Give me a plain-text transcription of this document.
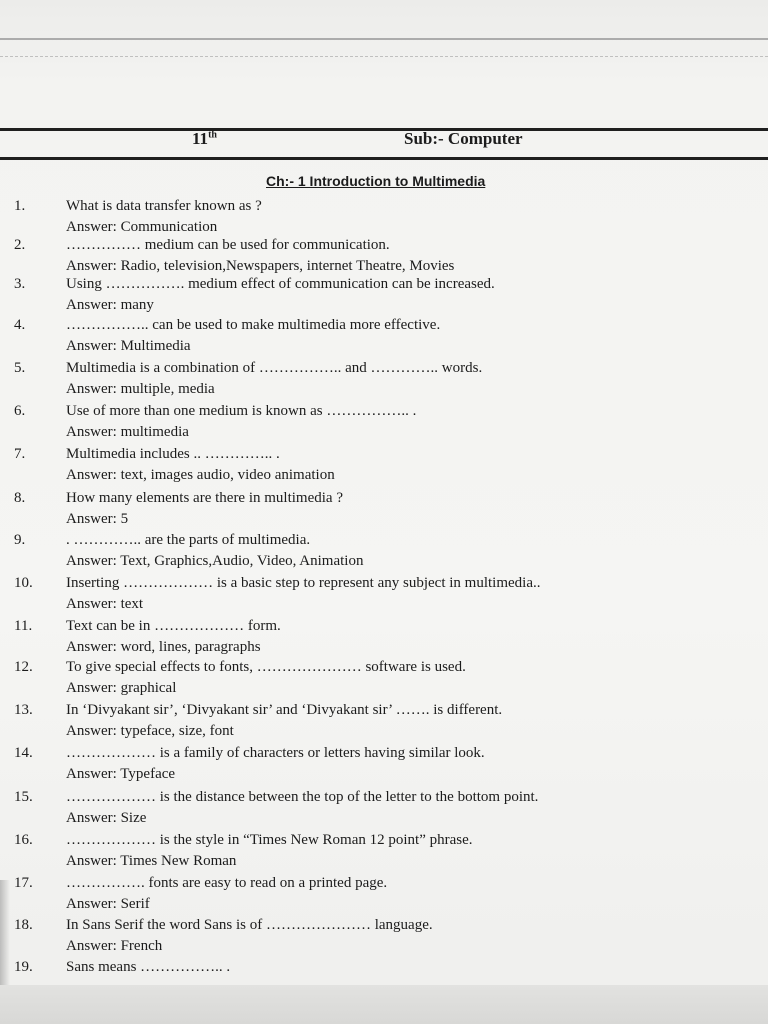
11th	Sub:- Computer
Ch:- 1 Introduction to Multimedia
1.	What is data transfer known as ?
Answer: Communication
2.	…………… medium can be used for communication.
Answer: Radio, television,Newspapers, internet Theatre, Movies
3.	Using ……………. medium effect of communication can be increased.
Answer: many
4.	…………….. can be used to make multimedia more effective.
Answer: Multimedia
5.	Multimedia is a combination of …………….. and ………….. words.
Answer: multiple, media
6.	Use of more than one medium is known as …………….. .
Answer: multimedia
7.	Multimedia includes .. ………….. .
Answer: text, images audio, video animation
8.	How many elements are there in multimedia ?
Answer: 5
9.	. ………….. are the parts of multimedia.
Answer: Text, Graphics,Audio, Video, Animation
10. Inserting ……………… is a basic step to represent any subject in multimedia..
Answer: text
11. Text can be in ……………… form.
Answer: word, lines, paragraphs
12. To give special effects to fonts, ………………… software is used.
Answer: graphical
13. In ‘Divyakant sir’, ‘Divyakant sir’ and ‘Divyakant sir’ ……. is different.
Answer: typeface, size, font
14. ……………… is a family of characters or letters having similar look.
Answer: Typeface
15. ……………… is the distance between the top of the letter to the bottom point.
Answer: Size
16. ……………… is the style in “Times New Roman 12 point” phrase.
Answer: Times New Roman
17. ……………. fonts are easy to read on a printed page.
Answer: Serif
18. In Sans Serif the word Sans is of ………………… language.
Answer: French
19. Sans means …………….. .
